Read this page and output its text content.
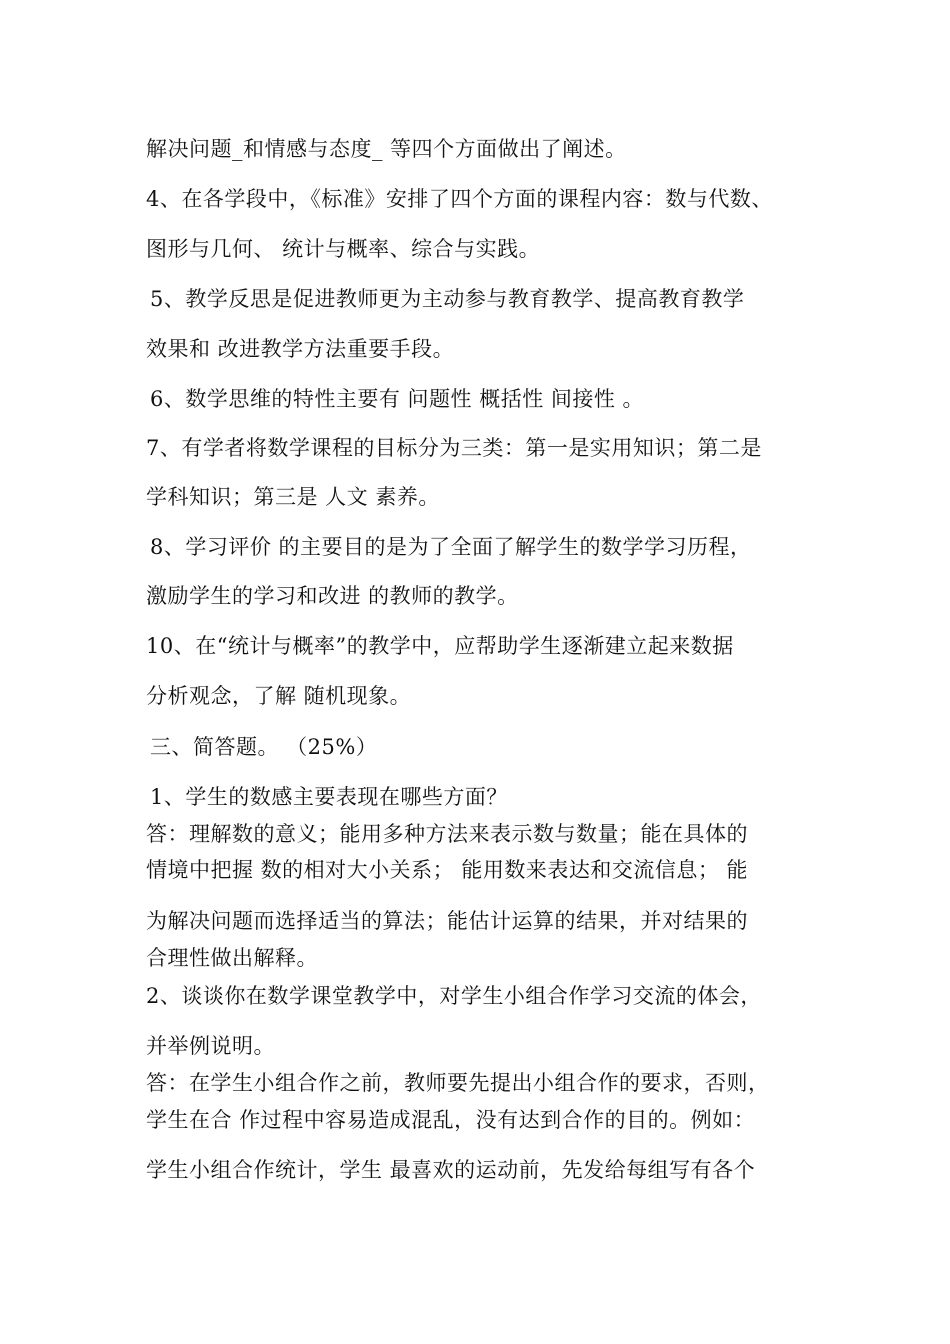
解决问题_和情感与态度_ 等四个方面做出了阐述。
4、在各学段中，《标准》安排了四个方面的课程内容：数与代数、
图形与几何、 统计与概率、综合与实践。
5、教学反思是促进教师更为主动参与教育教学、提高教育教学
效果和 改进教学方法重要手段。
6、数学思维的特性主要有 问题性 概括性 间接性 。
7、有学者将数学课程的目标分为三类：第一是实用知识；第二是
学科知识；第三是 人文 素养。
8、学习评价 的主要目的是为了全面了解学生的数学学习历程，
激励学生的学习和改进 的教师的教学。
10、在“统计与概率”的教学中，应帮助学生逐渐建立起来数据
分析观念，了解 随机现象。
三、简答题。 （25%）
1、学生的数感主要表现在哪些方面？
答：理解数的意义；能用多种方法来表示数与数量；能在具体的
情境中把握 数的相对大小关系； 能用数来表达和交流信息； 能
为解决问题而选择适当的算法；能估计运算的结果，并对结果的
合理性做出解释。
2、谈谈你在数学课堂教学中，对学生小组合作学习交流的体会，
并举例说明。
答：在学生小组合作之前，教师要先提出小组合作的要求，否则，
学生在合 作过程中容易造成混乱，没有达到合作的目的。例如：
学生小组合作统计，学生 最喜欢的运动前，先发给每组写有各个
